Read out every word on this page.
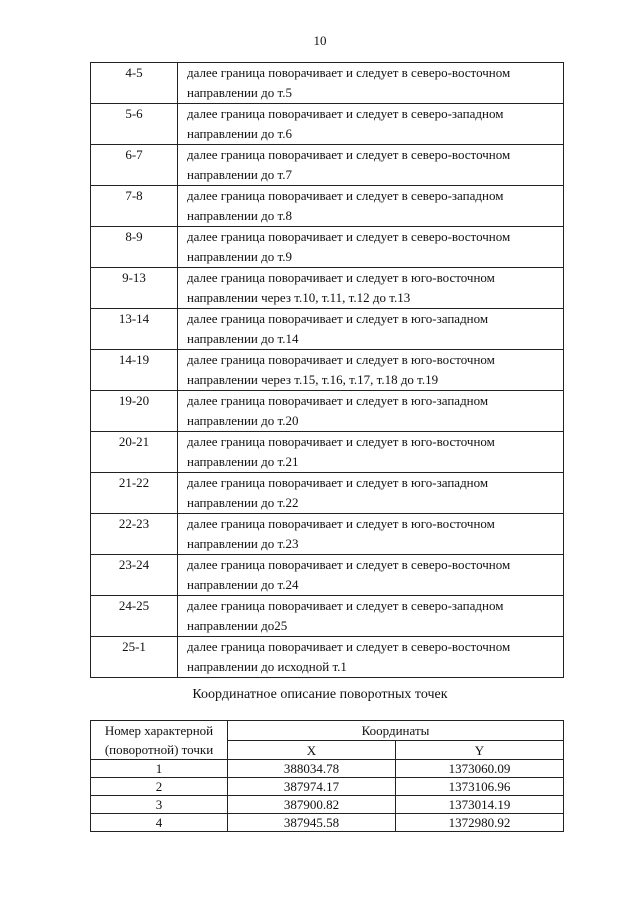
10
4-5	далее граница поворачивает и следует в северо-восточном
направлении до т.5

5-6	далее граница поворачивает и следует в северо-западном
направлении до т.6

6-7	далее граница поворачивает и следует в северо-восточном
направлении до т.7

7-8	далее граница поворачивает и следует в северо-западном
направлении до т.8

8-9	далее граница поворачивает и следует в северо-восточном
направлении до т.9

9-13	далее граница поворачивает и следует в юго-восточном
направлении через т.10, т.11, т.12 до т.13

13-14	далее граница поворачивает и следует в юго-западном
направлении до т.14

14-19	далее граница поворачивает и следует в юго-восточном
направлении через т.15, т.16, т.17, т.18 до т.19

19-20	далее граница поворачивает и следует в юго-западном
направлении до т.20

20-21	далее граница поворачивает и следует в юго-восточном
направлении до т.21

21-22	далее граница поворачивает и следует в юго-западном
направлении до т.22

22-23	далее граница поворачивает и следует в юго-восточном
направлении до т.23

23-24	далее граница поворачивает и следует в северо-восточном
направлении до т.24

24-25	далее граница поворачивает и следует в северо-западном
направлении до25

25-1	далее граница поворачивает и следует в северо-восточном
направлении до исходной т.1
Координатное описание поворотных точек
Номер характерной
(поворотной) точки	Координаты	
	X	Y
1	388034.78	1373060.09
2	387974.17	1373106.96
3	387900.82	1373014.19
4	387945.58	1372980.92
